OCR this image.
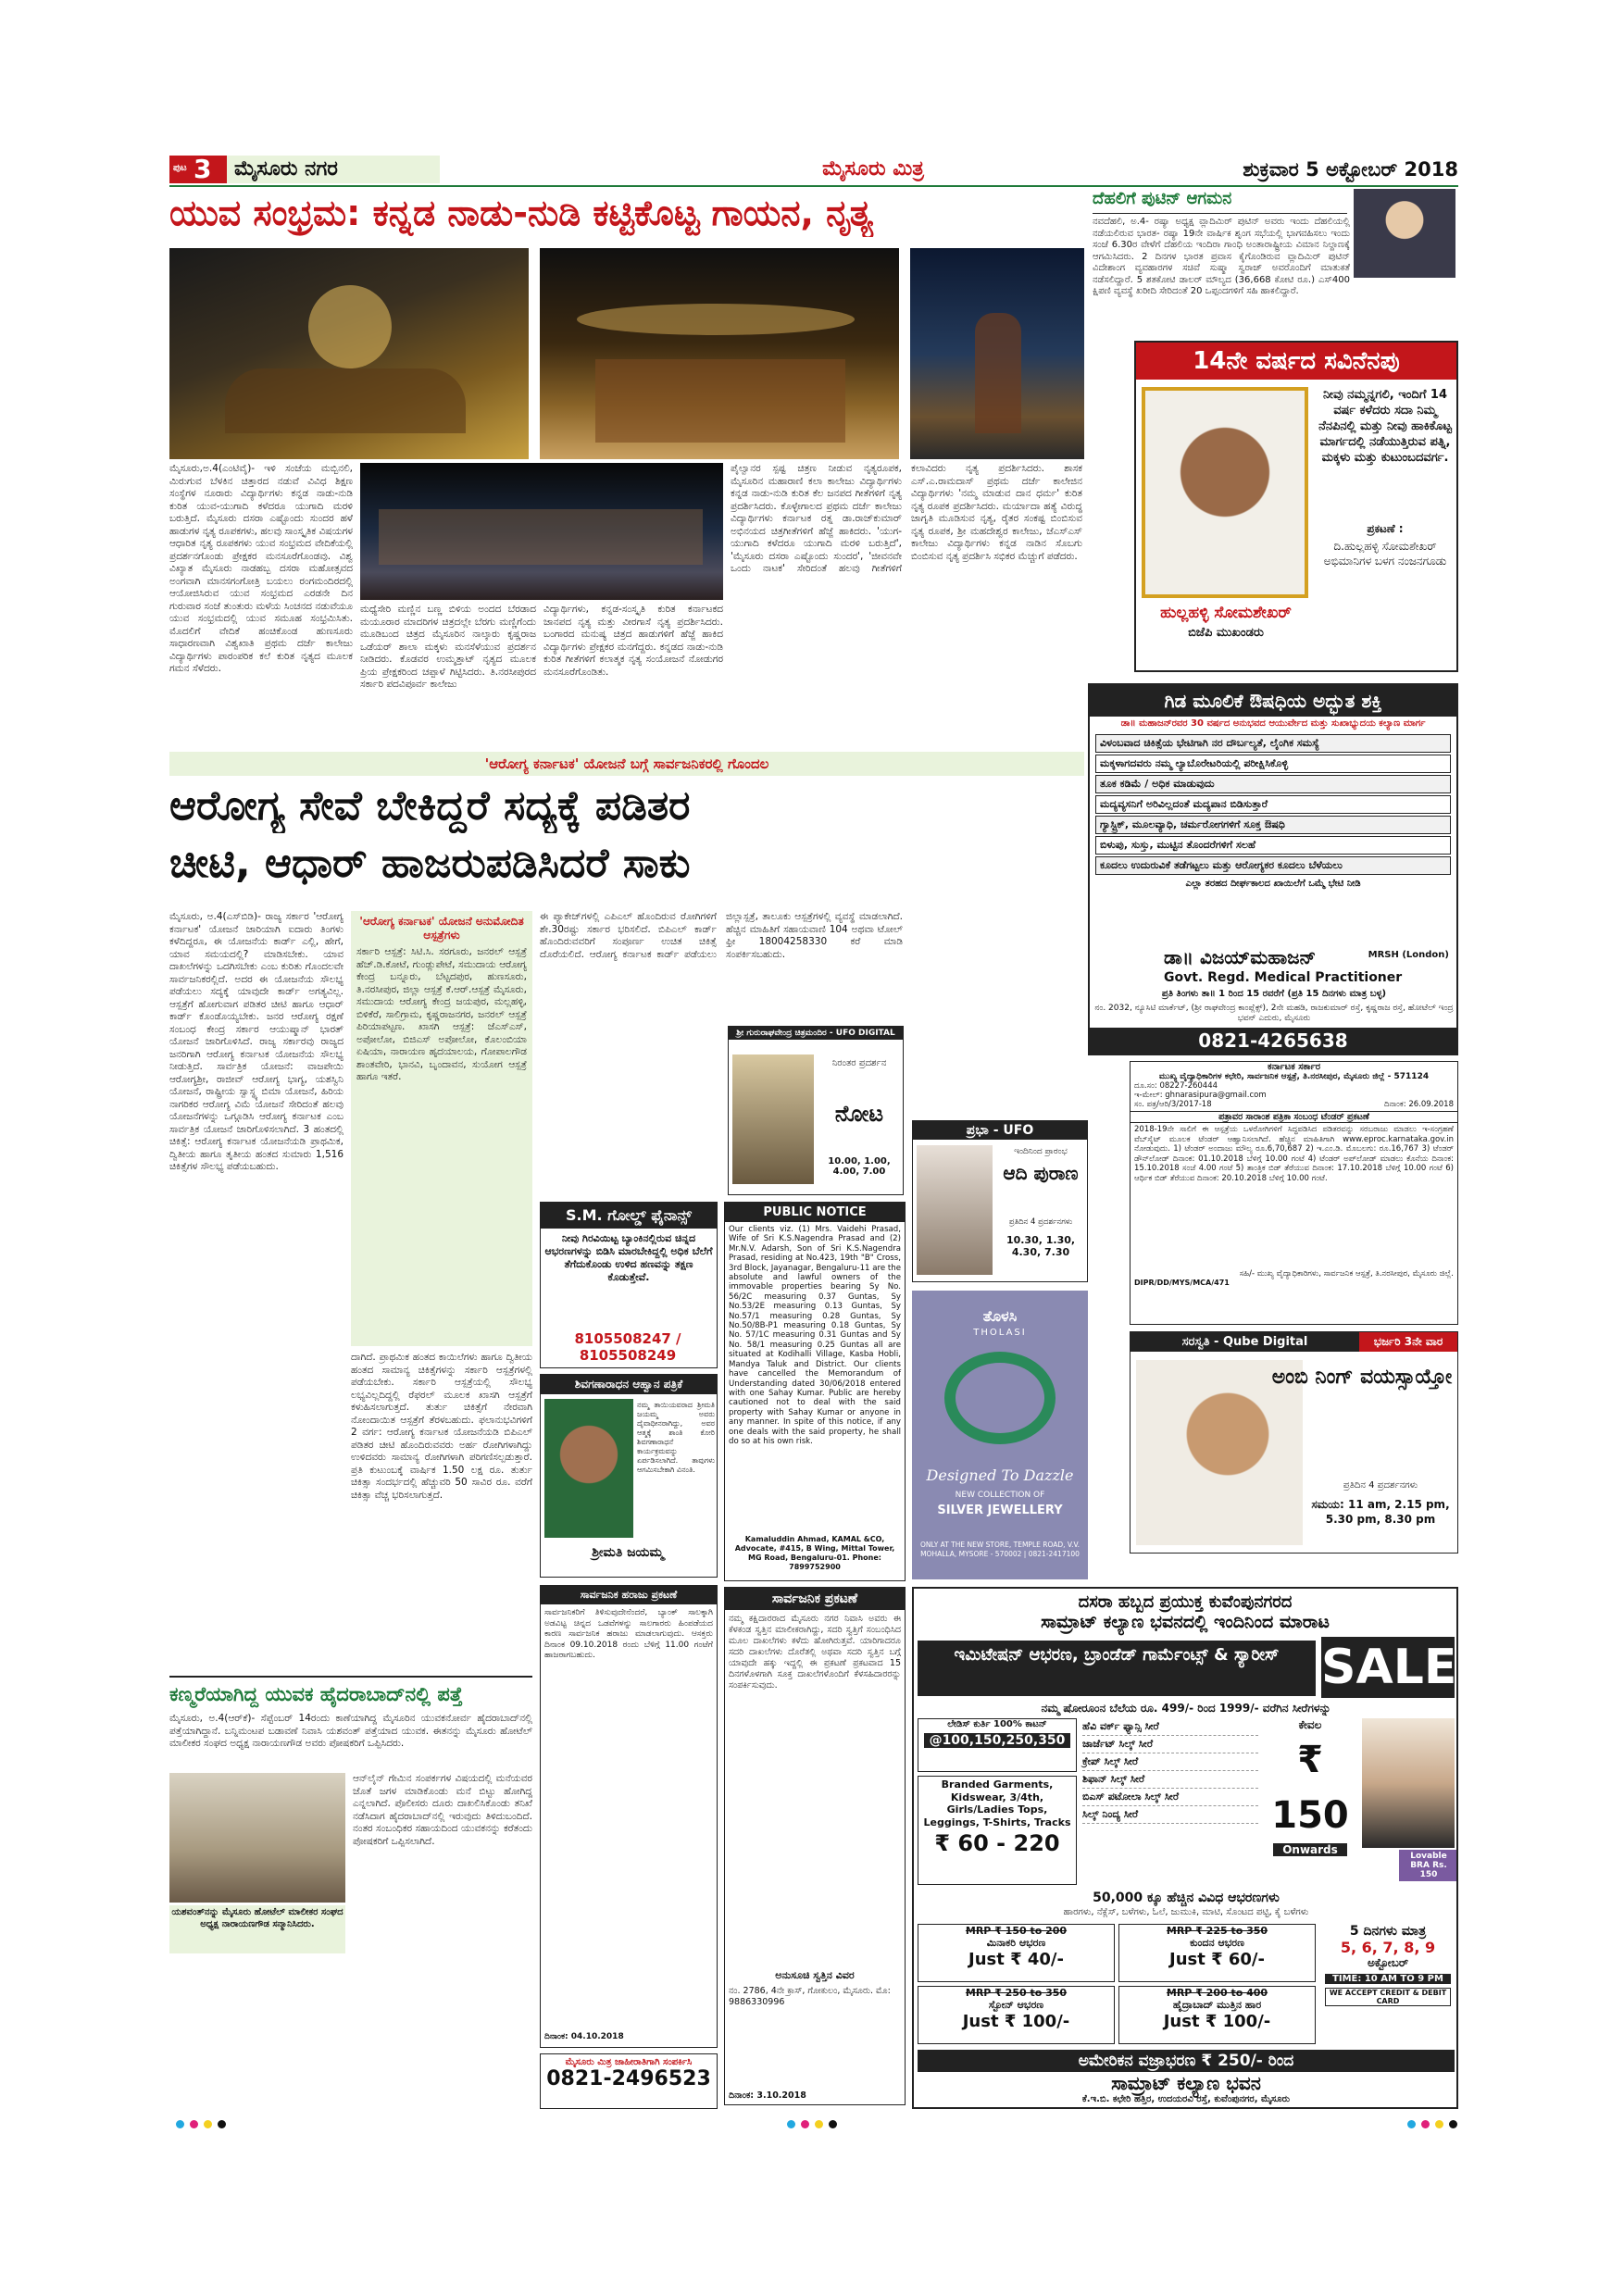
ಪುಟ 3	ಮೈಸೂರು ನಗರ	ಮೈಸೂರು ಮಿತ್ರ	ಶುಕ್ರವಾರ 5 ಅಕ್ಟೋಬರ್ 2018
ಯುವ ಸಂಭ್ರಮ: ಕನ್ನಡ ನಾಡು-ನುಡಿ ಕಟ್ಟಿಕೊಟ್ಟ ಗಾಯನ, ನೃತ್ಯ
ಮೈಸೂರು,ಅ.4(ಎಂಟಿವೈ)- ಇಳಿ ಸಂಜೆಯ ಮಬ್ಬಿನಲಿ, ಮಿರುಗುವ ಬೆಳಕಿನ ಚಿತ್ತಾರದ ನಡುವೆ ವಿವಿಧ ಶಿಕ್ಷಣ ಸಂಸ್ಥೆಗಳ ನೂರಾರು ವಿದ್ಯಾರ್ಥಿಗಳು ಕನ್ನಡ ನಾಡು-ನುಡಿ ಕುರಿತ ಯುವ-ಯುಗಾದಿ ಕಳೆದರೂ ಯುಗಾದಿ ಮರಳಿ ಬರುತ್ತಿದೆ. ಮೈಸೂರು ದಸರಾ ಎಷ್ಟೊಂದು ಸುಂದರ ಹಳೆ ಹಾಡುಗಳ ನೃತ್ಯ ರೂಪಕಗಳು, ಹಲವು ಸಾಂಸ್ಕೃತಿಕ ವಿಷಯಗಳ ಆಧಾರಿತ ನೃತ್ಯ ರೂಪಕಗಳು ಯುವ ಸಂಭ್ರಮದ ವೇದಿಕೆಯಲ್ಲಿ ಪ್ರದರ್ಶನಗೊಂಡು ಪ್ರೇಕ್ಷಕರ ಮನಸೂರೆಗೊಂಡವು. ವಿಶ್ವ ವಿಖ್ಯಾತ ಮೈಸೂರು ನಾಡಹಬ್ಬ ದಸರಾ ಮಹೋತ್ಸವದ ಅಂಗವಾಗಿ ಮಾನಸಗಂಗೋತ್ರಿ ಬಯಲು ರಂಗಮಂದಿರದಲ್ಲಿ ಆಯೋಜಿಸಿರುವ ಯುವ ಸಂಭ್ರಮದ ಎರಡನೇ ದಿನ ಗುರುವಾರ ಸಂಜೆ ತುಂತುರು ಮಳೆಯ ಸಿಂಚನದ ನಡುವೆಯೂ ಯುವ ಸಂಭ್ರಮದಲ್ಲಿ ಯುವ ಸಮೂಹ ಸಂಭ್ರಮಿಸಿತು. ಮೊದಲಿಗೆ ವೇದಿಕೆ ಹಂಚಿಕೊಂಡ ಹುಣಸೂರು ಸಾಧಾರಣವಾಗಿ ವಿಶ್ವಖಾತಿ ಪ್ರಥಮ ದರ್ಜೆ ಕಾಲೇಜು ವಿದ್ಯಾರ್ಥಿಗಳು ಪಾರಂಪರಿಕ ಕಲೆ ಕುರಿತ ನೃತ್ಯದ ಮೂಲಕ ಗಮನ ಸೆಳೆದರು.
ಮಧ್ಯೆಸೇರಿ ಮಣ್ಣಿನ ಬಣ್ಣ ಬಿಳಿಯ ಅಂದದ ಬೆರಡಾದ ಮಯೂರಾರ ಮಾದರಿಗಳ ಚಿತ್ರದಲ್ಲೇ ಬೆರಗು ಮಣ್ಣಿಗೆಂದು ಮೂಡಿಬಂದ ಚಿತ್ರದ ಮೈಸೂರಿನ ನಾಲ್ಕಾರು ಕೃಷ್ಣರಾಜ ಒಡೆಯರ್ ಶಾಲಾ ಮಕ್ಕಳು ಮನಸೆಳೆಯುವ ಪ್ರದರ್ಶನ ನೀಡಿದರು. ಕೊಡವರ ಉಮ್ಮತ್ತಾಟ್ ನೃತ್ಯದ ಮೂಲಕ ಪ್ರಿಯ ಪ್ರೇಕ್ಷಕರಿಂದ ಚಪ್ಪಾಳೆ ಗಿಟ್ಟಿಸಿದರು. ತಿ.ನರಸೀಪುರದ ಸರ್ಕಾರಿ ಪದವಿಪೂರ್ವ ಕಾಲೇಜು
ವಿದ್ಯಾರ್ಥಿಗಳು, ಕನ್ನಡ-ಸಂಸ್ಕೃತಿ ಕುರಿತ ಕರ್ನಾಟಕದ ಜಾನಪದ ನೃತ್ಯ ಮತ್ತು ವೀರಗಾಸೆ ನೃತ್ಯ ಪ್ರದರ್ಶಿಸಿದರು. ಬಂಗಾರದ ಮನುಷ್ಯ ಚಿತ್ರದ ಹಾಡುಗಳಿಗೆ ಹೆಜ್ಜೆ ಹಾಕಿದ ವಿದ್ಯಾರ್ಥಿಗಳು ಪ್ರೇಕ್ಷಕರ ಮನಗೆದ್ದರು. ಕನ್ನಡದ ನಾಡು-ನುಡಿ ಕುರಿತ ಗೀತೆಗಳಿಗೆ ಕಲಾತ್ಮಕ ನೃತ್ಯ ಸಂಯೋಜನೆ ನೋಡುಗರ ಮನಸೂರೆಗೊಂಡಿತು.
ಪೈಲ್ವಾನರ ಸ್ಪಷ್ಟ ಚಿತ್ರಣ ನೀಡುವ ನೃತ್ಯರೂಪಕ, ಮೈಸೂರಿನ ಮಹಾರಾಣಿ ಕಲಾ ಕಾಲೇಜು ವಿದ್ಯಾರ್ಥಿಗಳು ಕನ್ನಡ ನಾಡು-ನುಡಿ ಕುರಿತ ಕೆಲ ಜನಪದ ಗೀತೆಗಳಿಗೆ ನೃತ್ಯ ಪ್ರದರ್ಶಿಸಿದರು. ಕೊಳ್ಳೇಗಾಲದ ಪ್ರಥಮ ದರ್ಜೆ ಕಾಲೇಜು ವಿದ್ಯಾರ್ಥಿಗಳು ಕರ್ನಾಟಕ ರತ್ನ ಡಾ.ರಾಜ್‌ಕುಮಾರ್ ಅಭಿನಯದ ಚಿತ್ರಗೀತೆಗಳಿಗೆ ಹೆಜ್ಜೆ ಹಾಕಿದರು. 'ಯುಗ-ಯುಗಾದಿ ಕಳೆದರೂ ಯುಗಾದಿ ಮರಳಿ ಬರುತ್ತಿದೆ', 'ಮೈಸೂರು ದಸರಾ ಎಷ್ಟೊಂದು ಸುಂದರ', 'ಜೀವನವೇ ಒಂದು ನಾಟಕ' ಸೇರಿದಂತೆ ಹಲವು ಗೀತೆಗಳಿಗೆ ಕಲಾವಿದರು ನೃತ್ಯ ಪ್ರದರ್ಶಿಸಿದರು. ಶಾಸಕ ಎಸ್.ಎ.ರಾಮದಾಸ್ ಪ್ರಥಮ ದರ್ಜೆ ಕಾಲೇಜಿನ ವಿದ್ಯಾರ್ಥಿಗಳು 'ನಮ್ಮ ಮಾಡುವ ದಾನ ಧರ್ಮ' ಕುರಿತ ನೃತ್ಯ ರೂಪಕ ಪ್ರದರ್ಶಿಸಿದರು. ಮರ್ಯಾದಾ ಹತ್ಯೆ ವಿರುದ್ಧ ಜಾಗೃತಿ ಮೂಡಿಸುವ ನೃತ್ಯ, ರೈತರ ಸಂಕಷ್ಟ ಬಿಂಬಿಸುವ ನೃತ್ಯ ರೂಪಕ, ಶ್ರೀ ಮಹದೇಶ್ವರ ಕಾಲೇಜು, ಜೆಎಸ್ಎಸ್ ಕಾಲೇಜು ವಿದ್ಯಾರ್ಥಿಗಳು ಕನ್ನಡ ನಾಡಿನ ಸೊಬಗು ಬಿಂಬಿಸುವ ನೃತ್ಯ ಪ್ರದರ್ಶಿಸಿ ಸಭಿಕರ ಮೆಚ್ಚುಗೆ ಪಡೆದರು.
ದೆಹಲಿಗೆ ಪುಟಿನ್ ಆಗಮನ
ನವದೆಹಲಿ, ಅ.4- ರಷ್ಯಾ ಅಧ್ಯಕ್ಷ ವ್ಲಾದಿಮಿರ್ ಪುಟಿನ್ ಅವರು ಇಂದು ದೆಹಲಿಯಲ್ಲಿ ನಡೆಯಲಿರುವ ಭಾರತ- ರಷ್ಯಾ 19ನೇ ವಾರ್ಷಿಕ ಶೃಂಗ ಸಭೆಯಲ್ಲಿ ಭಾಗವಹಿಸಲು ಇಂದು ಸಂಜೆ 6.30ರ ವೇಳೆಗೆ ದೆಹಲಿಯ ಇಂದಿರಾ ಗಾಂಧಿ ಅಂತಾರಾಷ್ಟ್ರೀಯ ವಿಮಾನ ನಿಲ್ದಾಣಕ್ಕೆ ಆಗಮಿಸಿದರು. 2 ದಿನಗಳ ಭಾರತ ಪ್ರವಾಸ ಕೈಗೊಂಡಿರುವ ವ್ಲಾದಿಮಿರ್ ಪುಟಿನ್ ವಿದೇಶಾಂಗ ವ್ಯವಹಾರಗಳ ಸಚಿವೆ ಸುಷ್ಮಾ ಸ್ವರಾಜ್ ಅವರೊಂದಿಗೆ ಮಾತುಕತೆ ನಡೆಸಲಿದ್ದಾರೆ. 5 ಶತಕೋಟಿ ಡಾಲರ್ ಮೌಲ್ಯದ (36,668 ಕೋಟಿ ರೂ.) ಎಸ್400 ಕ್ಷಿಪಣಿ ವ್ಯವಸ್ಥೆ ಖರೀದಿ ಸೇರಿದಂತೆ 20 ಒಪ್ಪಂದಗಳಿಗೆ ಸಹಿ ಹಾಕಲಿದ್ದಾರೆ.
14ನೇ ವರ್ಷದ ಸವಿನೆನಪು
ನೀವು ನಮ್ಮನ್ನಗಲಿ, ಇಂದಿಗೆ 14 ವರ್ಷ ಕಳೆದರು ಸದಾ ನಿಮ್ಮ ನೆನಪಿನಲ್ಲಿ ಮತ್ತು ನೀವು ಹಾಕಿಕೊಟ್ಟ ಮಾರ್ಗದಲ್ಲಿ ನಡೆಯುತ್ತಿರುವ ಪತ್ನಿ, ಮಕ್ಕಳು ಮತ್ತು ಕುಟುಂಬದವರ್ಗ.
ಪ್ರಕಟಣೆ :
ದಿ.ಹುಲ್ಲಹಳ್ಳಿ ಸೋಮಶೇಖರ್ ಅಭಿಮಾನಿಗಳ ಬಳಗ ನಂಜನಗೂಡು
ಹುಲ್ಲಹಳ್ಳಿ ಸೋಮಶೇಖರ್
ಬಿಜೆಪಿ ಮುಖಂಡರು
'ಆರೋಗ್ಯ ಕರ್ನಾಟಕ' ಯೋಜನೆ ಬಗ್ಗೆ ಸಾರ್ವಜನಿಕರಲ್ಲಿ ಗೊಂದಲ
ಆರೋಗ್ಯ ಸೇವೆ ಬೇಕಿದ್ದರೆ ಸದ್ಯಕ್ಕೆ ಪಡಿತರ
ಚೀಟಿ, ಆಧಾರ್ ಹಾಜರುಪಡಿಸಿದರೆ ಸಾಕು
ಮೈಸೂರು, ಅ.4(ಎಸ್‌ಬಿಡಿ)- ರಾಜ್ಯ ಸರ್ಕಾರ 'ಆರೋಗ್ಯ ಕರ್ನಾಟಕ' ಯೋಜನೆ ಜಾರಿಯಾಗಿ ಐದಾರು ತಿಂಗಳು ಕಳೆದಿದ್ದರೂ, ಈ ಯೋಜನೆಯ ಕಾರ್ಡ್ ಎಲ್ಲಿ, ಹೇಗೆ, ಯಾವ ಸಮಯದಲ್ಲಿ? ಮಾಡಿಸಬೇಕು. ಯಾವ ದಾಖಲೆಗಳನ್ನು ಒದಗಿಸಬೇಕು ಎಂಬ ಕುರಿತು ಗೊಂದಲವೇ ಸಾರ್ವಜನಿಕರಲ್ಲಿದೆ. ಅದರ ಈ ಯೋಜನೆಯ ಸೌಲಭ್ಯ ಪಡೆಯಲು ಸದ್ಯಕ್ಕೆ ಯಾವುದೇ ಕಾರ್ಡ್ ಅಗತ್ಯವಿಲ್ಲ. ಆಸ್ಪತ್ರೆಗೆ ಹೋಗುವಾಗ ಪಡಿತರ ಚೀಟಿ ಹಾಗೂ ಆಧಾರ್ ಕಾರ್ಡ್ ಕೊಂಡೊಯ್ಯಬೇಕು. ಜನರ ಆರೋಗ್ಯ ರಕ್ಷಣೆ ಸಂಬಂಧ ಕೇಂದ್ರ ಸರ್ಕಾರ ಆಯುಷ್ಮಾನ್ ಭಾರತ್ ಯೋಜನೆ ಜಾರಿಗೊಳಿಸಿದೆ. ರಾಜ್ಯ ಸರ್ಕಾರವು ರಾಜ್ಯದ ಜನರಿಗಾಗಿ ಆರೋಗ್ಯ ಕರ್ನಾಟಕ ಯೋಜನೆಯ ಸೌಲಭ್ಯ ನೀಡುತ್ತಿದೆ. ಸಾರ್ವತ್ರಿಕ ಯೋಜನೆ: ವಾಜಪೇಯಿ ಆರೋಗ್ಯಶ್ರೀ, ರಾಜೀವ್ ಆರೋಗ್ಯ ಭಾಗ್ಯ, ಯಶಸ್ವಿನಿ ಯೋಜನೆ, ರಾಷ್ಟ್ರೀಯ ಸ್ವಾಸ್ಥ್ಯ ಬಿಮಾ ಯೋಜನೆ, ಹಿರಿಯ ನಾಗರಿಕರ ಆರೋಗ್ಯ ವಿಮೆ ಯೋಜನೆ ಸೇರಿದಂತೆ ಹಲವು ಯೋಜನೆಗಳನ್ನು ಒಗ್ಗೂಡಿಸಿ ಆರೋಗ್ಯ ಕರ್ನಾಟಕ ಎಂಬ ಸಾರ್ವತ್ರಿಕ ಯೋಜನೆ ಜಾರಿಗೊಳಿಸಲಾಗಿದೆ. 3 ಹಂತದಲ್ಲಿ ಚಿಕಿತ್ಸೆ: ಆರೋಗ್ಯ ಕರ್ನಾಟಕ ಯೋಜನೆಯಡಿ ಪ್ರಾಥಮಿಕ, ದ್ವಿತೀಯ ಹಾಗೂ ತೃತೀಯ ಹಂತದ ಸುಮಾರು 1,516 ಚಿಕಿತ್ಸೆಗಳ ಸೌಲಭ್ಯ ಪಡೆಯಬಹುದು.
'ಆರೋಗ್ಯ ಕರ್ನಾಟಕ' ಯೋಜನೆ ಅನುಮೋದಿತ ಆಸ್ಪತ್ರೆಗಳು
ಸರ್ಕಾರಿ ಆಸ್ಪತ್ರೆ: ಸಿಟಿ.ಸಿ. ಸರಗೂರು, ಜನರಲ್ ಆಸ್ಪತ್ರೆ ಹೆಚ್.ಡಿ.ಕೋಟೆ, ಗುಂಡ್ಲುಪೇಟೆ, ಸಮುದಾಯ ಆರೋಗ್ಯ ಕೇಂದ್ರ ಬನ್ನೂರು, ಬೆಟ್ಟದಪುರ, ಹುಣಸೂರು, ತಿ.ನರಸೀಪುರ, ಜಿಲ್ಲಾ ಆಸ್ಪತ್ರೆ ಕೆ.ಆರ್.ಆಸ್ಪತ್ರೆ ಮೈಸೂರು, ಸಮುದಾಯ ಆರೋಗ್ಯ ಕೇಂದ್ರ ಜಯಪುರ, ಮಲ್ಲಹಳ್ಳಿ, ಬಿಳಿಕೆರೆ, ಸಾಲಿಗ್ರಾಮ, ಕೃಷ್ಣರಾಜನಗರ, ಜನರಲ್ ಆಸ್ಪತ್ರೆ ಪಿರಿಯಾಪಟ್ಟಣ. ಖಾಸಗಿ ಆಸ್ಪತ್ರೆ: ಜೆಎಸ್‌ಎಸ್, ಅಪೋಲೋ, ಬಿಜಿಎಸ್ ಅಪೋಲೋ, ಕೊಲಂಬಿಯಾ ಏಷಿಯಾ, ನಾರಾಯಣ ಹೃದಯಾಲಯ, ಗೋಪಾಲಗೌಡ ಶಾಂತವೇರಿ, ಭಾನವಿ, ಬೃಂದಾವನ, ಸುಯೋಗ ಆಸ್ಪತ್ರೆ ಹಾಗೂ ಇತರೆ.
ದಾಗಿದೆ. ಪ್ರಾಥಮಿಕ ಹಂತದ ಕಾಯಿಲೆಗಳು ಹಾಗೂ ದ್ವಿತೀಯ ಹಂತದ ಸಾಮಾನ್ಯ ಚಿಕಿತ್ಸೆಗಳನ್ನು ಸರ್ಕಾರಿ ಆಸ್ಪತ್ರೆಗಳಲ್ಲಿ ಪಡೆಯಬೇಕು. ಸರ್ಕಾರಿ ಆಸ್ಪತ್ರೆಯಲ್ಲಿ ಸೌಲಭ್ಯ ಲಭ್ಯವಿಲ್ಲದಿದ್ದಲ್ಲಿ ರೆಫರಲ್ ಮೂಲಕ ಖಾಸಗಿ ಆಸ್ಪತ್ರೆಗೆ ಕಳುಹಿಸಲಾಗುತ್ತದೆ. ತುರ್ತು ಚಿಕಿತ್ಸೆಗೆ ನೇರವಾಗಿ ನೋಂದಾಯಿತ ಆಸ್ಪತ್ರೆಗೆ ತೆರಳಬಹುದು. ಫಲಾನುಭವಿಗಳಿಗೆ 2 ವರ್ಗ: ಆರೋಗ್ಯ ಕರ್ನಾಟಕ ಯೋಜನೆಯಡಿ ಬಿಪಿಎಲ್ ಪಡಿತರ ಚೀಟಿ ಹೊಂದಿರುವವರು ಅರ್ಹ ರೋಗಿಗಳಾಗಿದ್ದು ಉಳಿದವರು ಸಾಮಾನ್ಯ ರೋಗಿಗಳಾಗಿ ಪರಿಗಣಿಸಲ್ಪಡುತ್ತಾರೆ. ಪ್ರತಿ ಕುಟುಂಬಕ್ಕೆ ವಾರ್ಷಿಕ 1.50 ಲಕ್ಷ ರೂ. ತುರ್ತು ಚಿಕಿತ್ಸಾ ಸಂದರ್ಭದಲ್ಲಿ ಹೆಚ್ಚುವರಿ 50 ಸಾವಿರ ರೂ. ವರೆಗೆ ಚಿಕಿತ್ಸಾ ವೆಚ್ಚ ಭರಿಸಲಾಗುತ್ತದೆ.
ಈ ಪ್ಯಾಕೇಜ್‌ಗಳಲ್ಲಿ ಎಪಿಎಲ್ ಹೊಂದಿರುವ ರೋಗಿಗಳಿಗೆ ಶೇ.30ರಷ್ಟು ಸರ್ಕಾರ ಭರಿಸಲಿದೆ. ಬಿಪಿಎಲ್ ಕಾರ್ಡ್ ಹೊಂದಿರುವವರಿಗೆ ಸಂಪೂರ್ಣ ಉಚಿತ ಚಿಕಿತ್ಸೆ ದೊರೆಯಲಿದೆ. ಆರೋಗ್ಯ ಕರ್ನಾಟಕ ಕಾರ್ಡ್ ಪಡೆಯಲು ಜಿಲ್ಲಾಸ್ಪತ್ರೆ, ತಾಲೂಕು ಆಸ್ಪತ್ರೆಗಳಲ್ಲಿ ವ್ಯವಸ್ಥೆ ಮಾಡಲಾಗಿದೆ. ಹೆಚ್ಚಿನ ಮಾಹಿತಿಗೆ ಸಹಾಯವಾಣಿ 104 ಅಥವಾ ಟೋಲ್ ಫ್ರೀ 18004258330 ಕರೆ ಮಾಡಿ ಸಂಪರ್ಕಿಸಬಹುದು.
ಶ್ರೀ ಗುರುರಾಘವೇಂದ್ರ ಚಿತ್ರಮಂದಿರ - UFO DIGITAL
ನಿರಂತರ ಪ್ರದರ್ಶನ
ನೋಟ
10.00, 1.00, 4.00, 7.00
S.M. ಗೋಲ್ಡ್ ಫೈನಾನ್ಸ್
ನೀವು ಗಿರವಿಯಿಟ್ಟ ಬ್ಯಾಂಕಿನಲ್ಲಿರುವ ಚಿನ್ನದ ಆಭರಣಗಳನ್ನು ಬಿಡಿಸಿ ಮಾರಬೇಕಿದ್ದಲ್ಲಿ ಅಧಿಕ ಬೆಲೆಗೆ ತೆಗೆದುಕೊಂಡು ಉಳಿದ ಹಣವನ್ನು ತಕ್ಷಣ ಕೊಡುತ್ತೇವೆ.
8105508247 / 8105508249
ಶಿವಗಣಾರಾಧನ ಆಹ್ವಾನ ಪತ್ರಿಕೆ
ನಮ್ಮ ತಾಯಿಯವರಾದ ಶ್ರೀಮತಿ ಜಯಮ್ಮ ಅವರು ದೈವಾಧೀನರಾಗಿದ್ದು, ಅವರ ಆತ್ಮಕ್ಕೆ ಶಾಂತಿ ಕೋರಿ ಶಿವಗಣಾರಾಧನೆ ಕಾರ್ಯಕ್ರಮವನ್ನು ಏರ್ಪಡಿಸಲಾಗಿದೆ. ತಾವುಗಳು ಆಗಮಿಸಬೇಕಾಗಿ ವಿನಂತಿ.
ಶ್ರೀಮತಿ ಜಯಮ್ಮ
PUBLIC NOTICE
Our clients viz. (1) Mrs. Vaidehi Prasad, Wife of Sri K.S.Nagendra Prasad and (2) Mr.N.V. Adarsh, Son of Sri K.S.Nagendra Prasad, residing at No.423, 19th "B" Cross, 3rd Block, Jayanagar, Bengaluru-11 are the absolute and lawful owners of the immovable properties bearing Sy No. 56/2C measuring 0.37 Guntas, Sy No.53/2E measuring 0.13 Guntas, Sy No.57/1 measuring 0.28 Guntas, Sy No.50/8B-P1 measuring 0.18 Guntas, Sy No. 57/1C measuring 0.31 Guntas and Sy No. 58/1 measuring 0.25 Guntas all are situated at Kodihalli Village, Kasba Hobli, Mandya Taluk and District. Our clients have cancelled the Memorandum of Understanding dated 30/06/2018 entered with one Sahay Kumar. Public are hereby cautioned not to deal with the said property with Sahay Kumar or anyone in any manner. In spite of this notice, if any one deals with the said property, he shall do so at his own risk.
Kamaluddin Ahmad, KAMAL &CO, Advocate, #415, B Wing, Mittal Tower, MG Road, Bengaluru-01. Phone: 7899752900
ಕಣ್ಮರೆಯಾಗಿದ್ದ ಯುವಕ ಹೈದರಾಬಾದ್‌ನಲ್ಲಿ ಪತ್ತೆ
ಮೈಸೂರು, ಅ.4(ಆರ್‌ಕೆ)- ಸೆಪ್ಟೆಂಬರ್ 14ರಂದು ಕಾಣೆಯಾಗಿದ್ದ ಮೈಸೂರಿನ ಯುವಕನೋರ್ವ ಹೈದರಾಬಾದ್‌ನಲ್ಲಿ ಪತ್ತೆಯಾಗಿದ್ದಾನೆ. ಬನ್ನಿಮಂಟಪ ಬಡಾವಣೆ ನಿವಾಸಿ ಯಶವಂತ್ ಪತ್ತೆಯಾದ ಯುವಕ. ಈತನನ್ನು ಮೈಸೂರು ಹೋಟೆಲ್ ಮಾಲೀಕರ ಸಂಘದ ಅಧ್ಯಕ್ಷ ನಾರಾಯಣಗೌಡ ಅವರು ಪೋಷಕರಿಗೆ ಒಪ್ಪಿಸಿದರು.
ಯಶವಂತ್‌ನನ್ನು ಮೈಸೂರು ಹೋಟೆಲ್ ಮಾಲೀಕರ ಸಂಘದ ಅಧ್ಯಕ್ಷ ನಾರಾಯಣಗೌಡ ಸನ್ಮಾನಿಸಿದರು.
ಆನ್‌ಲೈನ್ ಗೇಮಿನ ಸಂಪರ್ಕಗಳ ವಿಷಯದಲ್ಲಿ ಮನೆಯವರ ಜೊತೆ ಜಗಳ ಮಾಡಿಕೊಂಡು ಮನೆ ಬಿಟ್ಟು ಹೋಗಿದ್ದ ಎನ್ನಲಾಗಿದೆ. ಪೊಲೀಸರು ದೂರು ದಾಖಲಿಸಿಕೊಂಡು ತನಿಖೆ ನಡೆಸಿದಾಗ ಹೈದರಾಬಾದ್‌ನಲ್ಲಿ ಇರುವುದು ತಿಳಿದುಬಂದಿದೆ. ನಂತರ ಸಂಬಂಧಿಕರ ಸಹಾಯದಿಂದ ಯುವಕನನ್ನು ಕರೆತಂದು ಪೋಷಕರಿಗೆ ಒಪ್ಪಿಸಲಾಗಿದೆ.
ಸಾರ್ವಜನಿಕ ಹರಾಜು ಪ್ರಕಟಣೆ
ಸಾರ್ವಜನಿಕರಿಗೆ ತಿಳಿಸುವುದೇನೆಂದರೆ, ಬ್ಯಾಂಕ್ ಸಾಲಕ್ಕಾಗಿ ಅಡವಿಟ್ಟ ಚಿನ್ನದ ಒಡವೆಗಳನ್ನು ಸಾಲಗಾರರು ಹಿಂಪಡೆಯದ ಕಾರಣ ಸಾರ್ವಜನಿಕ ಹರಾಜು ಮಾಡಲಾಗುವುದು. ಆಸಕ್ತರು ದಿನಾಂಕ 09.10.2018 ರಂದು ಬೆಳಿಗ್ಗೆ 11.00 ಗಂಟೆಗೆ ಹಾಜರಾಗಬಹುದು.
ದಿನಾಂಕ: 04.10.2018
ಮೈಸೂರು ಮಿತ್ರ ಜಾಹೀರಾತಿಗಾಗಿ ಸಂಪರ್ಕಿಸಿ
0821-2496523
ಸಾರ್ವಜನಿಕ ಪ್ರಕಟಣೆ
ನಮ್ಮ ಕಕ್ಷಿದಾರರಾದ ಮೈಸೂರು ನಗರ ನಿವಾಸಿ ಅವರು ಈ ಕೆಳಕಂಡ ಸ್ವತ್ತಿನ ಮಾಲೀಕರಾಗಿದ್ದು, ಸದರಿ ಸ್ವತ್ತಿಗೆ ಸಂಬಂಧಿಸಿದ ಮೂಲ ದಾಖಲೆಗಳು ಕಳೆದು ಹೋಗಿರುತ್ತವೆ. ಯಾರಿಗಾದರೂ ಸದರಿ ದಾಖಲೆಗಳು ದೊರೆತಲ್ಲಿ ಅಥವಾ ಸದರಿ ಸ್ವತ್ತಿನ ಬಗ್ಗೆ ಯಾವುದೇ ಹಕ್ಕು ಇದ್ದಲ್ಲಿ ಈ ಪ್ರಕಟಣೆ ಪ್ರಕಟವಾದ 15 ದಿನಗಳೊಳಗಾಗಿ ಸೂಕ್ತ ದಾಖಲೆಗಳೊಂದಿಗೆ ಕೆಳಸಹಿದಾರರನ್ನು ಸಂಪರ್ಕಿಸುವುದು.
ಅನುಸೂಚಿ ಸ್ವತ್ತಿನ ವಿವರ
ನಂ. 2786, 4ನೇ ಕ್ರಾಸ್, ಗೋಕುಲಂ, ಮೈಸೂರು. ಮೊ: 9886330996
ದಿನಾಂಕ: 3.10.2018
ಗಿಡ ಮೂಲಿಕೆ ಔಷಧಿಯ ಅದ್ಭುತ ಶಕ್ತಿ
ಡಾ॥ ಮಹಾಜನ್‌ರವರ 30 ವರ್ಷದ ಅನುಭವದ ಆಯುರ್ವೇದ ಮತ್ತು ಸುಖಾಭ್ಯುದಯ ಕಲ್ಯಾಣ ಮಾರ್ಗ
ವಿಳಂಬವಾದ ಚಿಕಿತ್ಸೆಯ ಭೇಟಿಗಾಗಿ ನರ ದೌರ್ಬಲ್ಯತೆ, ಲೈಂಗಿಕ ಸಮಸ್ಯೆ
ಮಕ್ಕಳಾಗದವರು ನಮ್ಮ ಲ್ಯಾಬೊರೇಟರಿಯಲ್ಲಿ ಪರೀಕ್ಷಿಸಿಕೊಳ್ಳಿ
ತೂಕ ಕಡಿಮೆ / ಅಧಿಕ ಮಾಡುವುದು
ಮದ್ಯವ್ಯಸನಿಗೆ ಅರಿವಿಲ್ಲದಂತೆ ಮದ್ಯಪಾನ ಬಿಡಿಸುತ್ತಾರೆ
ಗ್ಯಾಸ್ಟ್ರಿಕ್, ಮೂಲವ್ಯಾಧಿ, ಚರ್ಮರೋಗಗಳಿಗೆ ಸೂಕ್ತ ಔಷಧಿ
ಬಿಳುಪು, ಸುಸ್ತು, ಮುಟ್ಟಿನ ತೊಂದರೆಗಳಿಗೆ ಸಲಹೆ
ಕೂದಲು ಉದುರುವಿಕೆ ತಡೆಗಟ್ಟಲು ಮತ್ತು ಆರೋಗ್ಯಕರ ಕೂದಲು ಬೆಳೆಯಲು
ಎಲ್ಲಾ ತರಹದ ದೀರ್ಘಕಾಲದ ಖಾಯಿಲೆಗೆ ಒಮ್ಮೆ ಭೇಟಿ ನೀಡಿ
ಡಾ॥ ವಿಜಯ್‌ಮಹಾಜನ್	MRSH (London)
Govt. Regd. Medical Practitioner
ಪ್ರತಿ ತಿಂಗಳು ತಾ॥ 1 ರಿಂದ 15 ರವರೆಗೆ (ಪ್ರತಿ 15 ದಿನಗಳು ಮಾತ್ರ ಬಳ್ಳ)
ನಂ. 2032, ನ್ಯೂಸಿಟಿ ಮಾರ್ಕೆಟ್, (ಶ್ರೀ ರಾಘವೇಂದ್ರ ಕಾಂಪ್ಲೆಕ್ಸ್), 2ನೇ ಮಹಡಿ, ರಾಜಕುಮಾರ್ ರಸ್ತೆ, ಕೃಷ್ಣರಾಜ ರಸ್ತೆ, ಹೋಟೆಲ್ ಇಂದ್ರ ಭವನ್ ಎದುರು, ಮೈಸೂರು
0821-4265638
ಕರ್ನಾಟಕ ಸರ್ಕಾರ
ಮುಖ್ಯ ವೈದ್ಯಾಧಿಕಾರಿಗಳ ಕಛೇರಿ, ಸಾರ್ವಜನಿಕ ಆಸ್ಪತ್ರೆ, ತಿ.ನರಸೀಪುರ, ಮೈಸೂರು ಜಿಲ್ಲೆ - 571124
ದೂ.ಸಂ: 08227-260444
ಇ-ಮೇಲ್: ghnarasipura@gmail.com
ಸಂ. ಪತ್ರ/ಆರಿ/3/2017-18	ದಿನಾಂಕ: 26.09.2018
ಪತ್ರಾವರ ಸಾರಾಂಶ ಪತ್ರಿಕಾ ಸಂಬಂಧ ಟೆಂಡರ್ ಪ್ರಕಟಣೆ
2018-19ನೇ ಸಾಲಿಗೆ ಈ ಆಸ್ಪತ್ರೆಯ ಒಳರೋಗಿಗಳಿಗೆ ಸಿದ್ಧಪಡಿಸಿದ ಪಡಿತರವನ್ನು ಸರಬರಾಜು ಮಾಡಲು ಇ-ಸಂಗ್ರಹಣೆ ವೆಬ್‌ಸೈಟ್ ಮೂಲಕ ಟೆಂಡರ್ ಆಹ್ವಾನಿಸಲಾಗಿದೆ. ಹೆಚ್ಚಿನ ಮಾಹಿತಿಗಾಗಿ www.eproc.karnataka.gov.in ನೋಡುವುದು. 1) ಟೆಂಡರ್ ಅಂದಾಜು ಮೌಲ್ಯ ರೂ.6,70,687 2) ಇ.ಎಂ.ಡಿ. ಮೊಬಲಗು: ರೂ.16,767 3) ಟೆಂಡರ್ ಡೌನ್‌ಲೋಡ್ ದಿನಾಂಕ: 01.10.2018 ಬೆಳಿಗ್ಗೆ 10.00 ಗಂಟೆ 4) ಟೆಂಡರ್ ಅಪ್‌ಲೋಡ್ ಮಾಡಲು ಕೊನೆಯ ದಿನಾಂಕ: 15.10.2018 ಸಂಜೆ 4.00 ಗಂಟೆ 5) ತಾಂತ್ರಿಕ ಬಿಡ್ ತೆರೆಯುವ ದಿನಾಂಕ: 17.10.2018 ಬೆಳಿಗ್ಗೆ 10.00 ಗಂಟೆ 6) ಆರ್ಥಿಕ ಬಿಡ್ ತೆರೆಯುವ ದಿನಾಂಕ: 20.10.2018 ಬೆಳಿಗ್ಗೆ 10.00 ಗಂಟೆ.
ಸಹಿ/- ಮುಖ್ಯ ವೈದ್ಯಾಧಿಕಾರಿಗಳು, ಸಾರ್ವಜನಿಕ ಆಸ್ಪತ್ರೆ, ತಿ.ನರಸೀಪುರ, ಮೈಸೂರು ಜಿಲ್ಲೆ.
DIPR/DD/MYS/MCA/471
ಪ್ರಭಾ - UFO
ಇಂದಿನಿಂದ ಪ್ರಾರಂಭ
ಆದಿ ಪುರಾಣ
ಪ್ರತಿದಿನ 4 ಪ್ರದರ್ಶನಗಳು
10.30, 1.30, 4.30, 7.30
ತೊಳಸಿ
THOLASI
Designed To Dazzle
NEW COLLECTION OF
SILVER JEWELLERY
ONLY AT THE NEW STORE, TEMPLE ROAD, V.V. MOHALLA, MYSORE - 570002 | 0821-2417100
ಸರಸ್ವತಿ - Qube Digital	ಭರ್ಜರಿ 3ನೇ ವಾರ
ಅಂಬಿ ನಿಂಗ್ ವಯಸ್ಸಾಯ್ತೋ
ಪ್ರತಿದಿನ 4 ಪ್ರದರ್ಶನಗಳು
ಸಮಯ: 11 am, 2.15 pm, 5.30 pm, 8.30 pm
ದಸರಾ ಹಬ್ಬದ ಪ್ರಯುಕ್ತ ಕುವೆಂಪುನಗರದ
ಸಾಮ್ರಾಟ್ ಕಲ್ಯಾಣ ಭವನದಲ್ಲಿ ಇಂದಿನಿಂದ ಮಾರಾಟ
ಇಮಿಟೇಷನ್ ಆಭರಣ, ಬ್ರಾಂಡೆಡ್ ಗಾರ್ಮೆಂಟ್ಸ್ & ಸ್ಯಾರೀಸ್ SALE
ನಮ್ಮ ಷೋರೂಂನ ಬೆಲೆಯ ರೂ. 499/- ರಿಂದ 1999/- ವರೆಗಿನ ಸೀರೆಗಳನ್ನು
ಲೇಡಿಸ್ ಕುರ್ತಿ 100% ಕಾಟನ್
@100,150,250,350
Branded Garments, Kidswear, 3/4th, Girls/Ladies Tops, Leggings, T-Shirts, Tracks
₹ 60 - 220
ಹೆವಿ ವರ್ಕ್ ಫ್ಯಾನ್ಸಿ ಸೀರೆ
ಜಾರ್ಜೆಟ್ ಸಿಲ್ಕ್ ಸೀರೆ
ಕ್ರೇಪ್ ಸಿಲ್ಕ್ ಸೀರೆ
ಶಿಫಾನ್ ಸಿಲ್ಕ್ ಸೀರೆ
ಬಿಎಸ್ ಪಟೋಲಾ ಸಿಲ್ಕ್ ಸೀರೆ
ಸಿಲ್ಕ್ ನಿಂದ್ಯ ಸೀರೆ
ಕೇವಲ
₹ 150
Onwards	Lovable BRA Rs. 150
50,000 ಕ್ಕೂ ಹೆಚ್ಚಿನ ವಿವಿಧ ಆಭರಣಗಳು
ಹಾರಗಳು, ನೆಕ್ಲೆಸ್, ಬಳೆಗಳು, ಓಲೆ, ಜುಮುಕಿ, ಮಾಟಿ, ಸೊಂಟದ ಪಟ್ಟಿ, ಕೈ ಬಳೆಗಳು
MRP ₹ 150 to 200
ಮಿನಾಕರಿ ಆಭರಣ
Just ₹ 40/-
MRP ₹ 225 to 350
ಕುಂದನ ಆಭರಣ
Just ₹ 60/-
MRP ₹ 250 to 350
ಸ್ಟೋನ್ ಆಭರಣ
Just ₹ 100/-
MRP ₹ 200 to 400
ಹೈದ್ರಾಬಾದ್ ಮುತ್ತಿನ ಹಾರ
Just ₹ 100/-
5 ದಿನಗಳು ಮಾತ್ರ
5, 6, 7, 8, 9
ಅಕ್ಟೋಬರ್
TIME: 10 AM TO 9 PM
WE ACCEPT CREDIT & DEBIT CARD
ಅಮೇರಿಕನ ವಜ್ರಾಭರಣ ₹ 250/- ರಿಂದ
ಸಾಮ್ರಾಟ್ ಕಲ್ಯಾಣ ಭವನ
ಕೆ.ಇ.ಬಿ. ಕಛೇರಿ ಹತ್ತಿರ, ಉದಯರವಿ ರಸ್ತೆ, ಕುವೆಂಪುನಗರ, ಮೈಸೂರು
